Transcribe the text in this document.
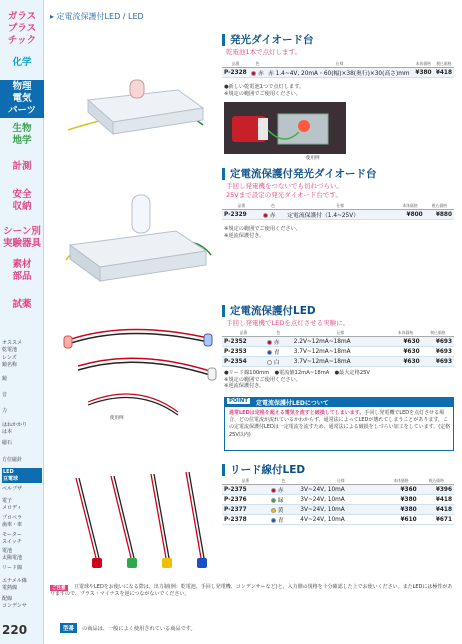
220
▸ 定電流保護付LED / LED
発光ダイオード台
乾電池1本で点灯します。
品番	色	仕様	本体価格	税込価格
P-2328	赤	赤 1.4~4V, 20mA・60(幅)×38(奥行)×30(高さ)mm	¥380	¥418
●新しい乾電池1つで点灯します。
※規定の範囲でご使用ください。
使用例
定電流保護付発光ダイオード台
手回し発電機をつないでも切れづらい。
25Vまで設定の発光ダイオード台です。
品番	色	仕様	本体価格	税込価格
P-2329	赤	定電流保護付（1.4~25V）	¥800	¥880
※規定の範囲でご使用ください。
※逆流保護付き。
使用例
定電流保護付LED
手回し発電機でLEDを点灯させる実験に。
品番	色	仕様	本体価格	税込価格
P-2352	赤	2.2V~12mA~18mA	¥630	¥693
P-2353	青	3.7V~12mA~18mA	¥630	¥693
P-2354	白	3.7V~12mA~18mA	¥630	¥693
●リード線100mm　●電流値12mA~18mA　●最大定格25V
※規定の範囲でご使用ください。
※逆流保護付き。
POINT	定電流保護付LEDについて
通常LEDは定格を超える電気を流すと破損してしまいます。手回し発電機でLEDを点灯させる場合、どの位電流が流れているかわからず、通常法によってLEDが壊れてしまうことがあります。この定電流保護付LEDは一定電流を流すため、通常法による破損をしづらい加工をしています。(定格25V以内)
リード線付LED
品番	色	仕様	本体価格	税込価格
P-2375	赤	3V~24V, 10mA	¥360	¥396
P-2376	緑	3V~24V, 10mA	¥380	¥418
P-2377	黄	3V~24V, 10mA	¥380	¥418
P-2378	青	4V~24V, 10mA	¥610	¥671
豆電球やLEDをお使いになる際は、出力制(例：乾電池、手回し発電機、コンデンサーなど)と、入力側の規格を十分確認した上でお使いください。またLEDには極性がありますので、プラス・マイナスを逆につながないでください。
ご注意
型番	の商品は、一般によく使用されている商品です。
ガラス
プラス
チック
化学
物理
電気
パーツ
生物
地学
計測
安全
収納
シーン別
実験器具
素材
部品
試薬
オススメ
乾電池
レンズ
鏡名称
鏡
音
力
はねかかり
は本
磁石
方位磁針
LED
豆電球
ベルブザ
電子
メロディ
プロペラ
歯車・車
モーター
スイッチ
電池
太陽電池
リード線
エナメル線
電熱線
配線
コンデンサ
